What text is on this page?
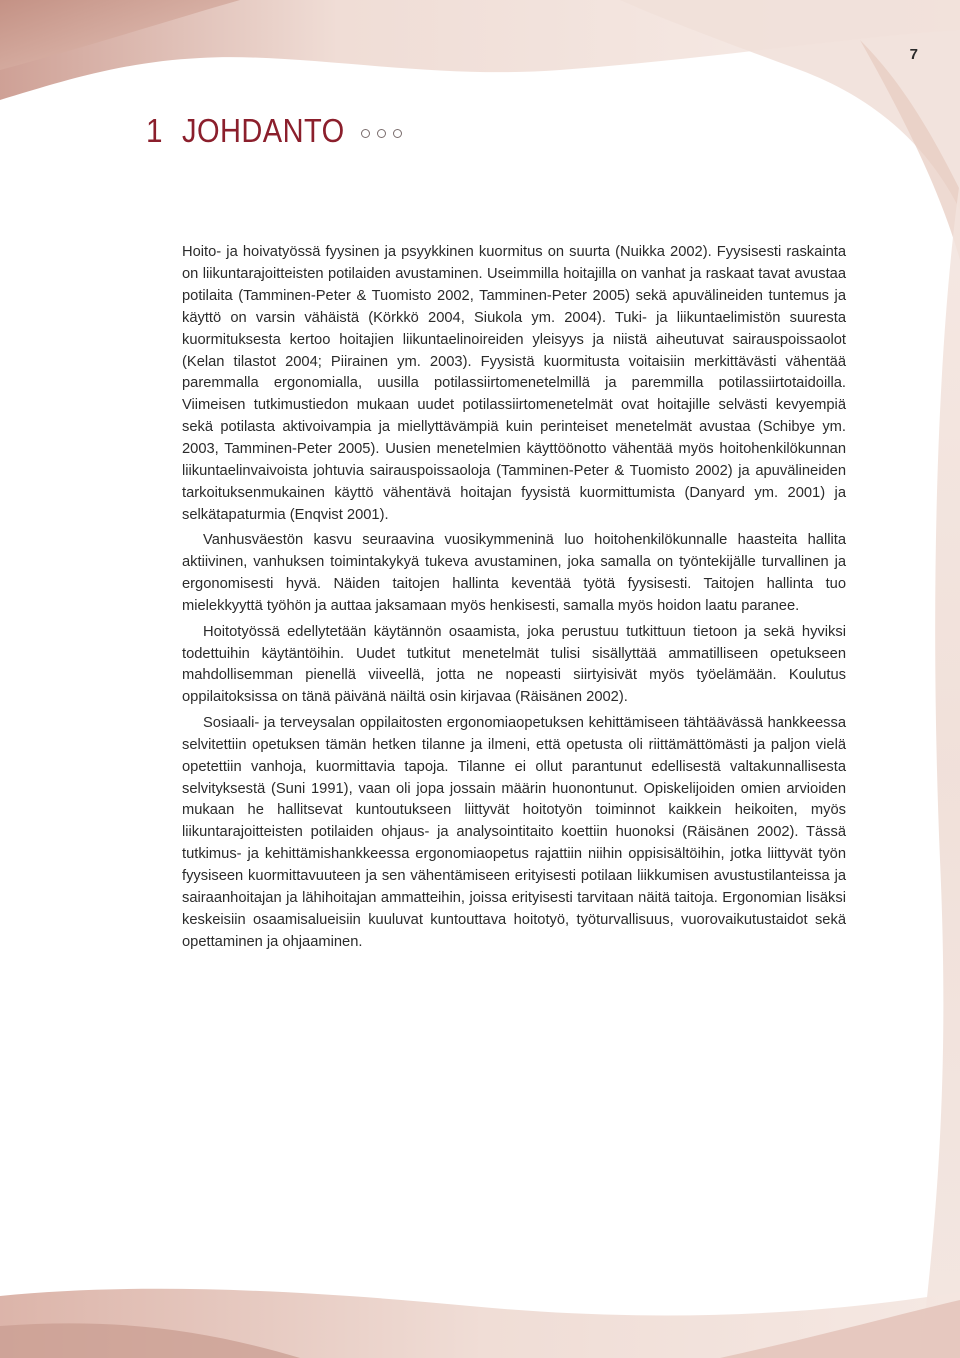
7
1 JOHDANTO

Hoito- ja hoivatyössä fyysinen ja psyykkinen kuormitus on suurta (Nuikka 2002). Fyysisesti raskainta on liikuntarajoitteisten potilaiden avustaminen. Useimmilla hoitajilla on vanhat ja raskaat tavat avustaa potilaita (Tamminen-Peter & Tuomisto 2002, Tamminen-Peter 2005) sekä apuvälineiden tuntemus ja käyttö on varsin vähäistä (Körkkö 2004, Siukola ym. 2004). Tuki- ja liikuntaelimistön suuresta kuormituksesta kertoo hoitajien liikuntaelinoireiden yleisyys ja niistä aiheutuvat sairauspoissaolot (Kelan tilastot 2004; Piirainen ym. 2003). Fyysistä kuormitusta voitaisiin merkittävästi vähentää paremmalla ergonomialla, uusilla potilassiirtomenetelmillä ja paremmilla potilassiirtotaidoilla. Viimeisen tutkimustiedon mukaan uudet potilassiirtomenetelmät ovat hoitajille selvästi kevyempiä sekä potilasta aktivoivampia ja miellyttävämpiä kuin perinteiset menetelmät avustaa (Schibye ym. 2003, Tamminen-Peter 2005). Uusien menetelmien käyttöönotto vähentää myös hoitohenkilökunnan liikuntaelinvaivoista johtuvia sairauspoissaoloja (Tamminen-Peter & Tuomisto 2002) ja apuvälineiden tarkoituksenmukainen käyttö vähentävä hoitajan fyysistä kuormittumista (Danyard ym. 2001) ja selkätapaturmia (Enqvist 2001).

Vanhusväestön kasvu seuraavina vuosikymmeninä luo hoitohenkilökunnalle haasteita hallita aktiivinen, vanhuksen toimintakykyä tukeva avustaminen, joka samalla on työntekijälle turvallinen ja ergonomisesti hyvä. Näiden taitojen hallinta keventää työtä fyysisesti. Taitojen hallinta tuo mielekkyyttä työhön ja auttaa jaksamaan myös henkisesti, samalla myös hoidon laatu paranee.

Hoitotyössä edellytetään käytännön osaamista, joka perustuu tutkittuun tietoon ja sekä hyviksi todettuihin käytäntöihin. Uudet tutkitut menetelmät tulisi sisällyttää ammatilliseen opetukseen mahdollisemman pienellä viiveellä, jotta ne nopeasti siirtyisivät myös työelämään. Koulutus oppilaitoksissa on tänä päivänä näiltä osin kirjavaa (Räisänen 2002).

Sosiaali- ja terveysalan oppilaitosten ergonomiaopetuksen kehittämiseen tähtäävässä hankkeessa selvitettiin opetuksen tämän hetken tilanne ja ilmeni, että opetusta oli riittämättömästi ja paljon vielä opetettiin vanhoja, kuormittavia tapoja. Tilanne ei ollut parantunut edellisestä valtakunnallisesta selvityksestä (Suni 1991), vaan oli jopa jossain määrin huonontunut. Opiskelijoiden omien arvioiden mukaan he hallitsevat kuntoutukseen liittyvät hoitotyön toiminnot kaikkein heikoiten, myös liikuntarajoitteisten potilaiden ohjaus- ja analysointitaito koettiin huonoksi (Räisänen 2002). Tässä tutkimus- ja kehittämishankkeessa ergonomiaopetus rajattiin niihin oppisisältöihin, jotka liittyvät työn fyysiseen kuormittavuuteen ja sen vähentämiseen erityisesti potilaan liikkumisen avustustilanteissa ja sairaanhoitajan ja lähihoitajan ammatteihin, joissa erityisesti tarvitaan näitä taitoja. Ergonomian lisäksi keskeisiin osaamisalueisiin kuuluvat kuntouttava hoitotyö, työturvallisuus, vuorovaikutustaidot sekä opettaminen ja ohjaaminen.
